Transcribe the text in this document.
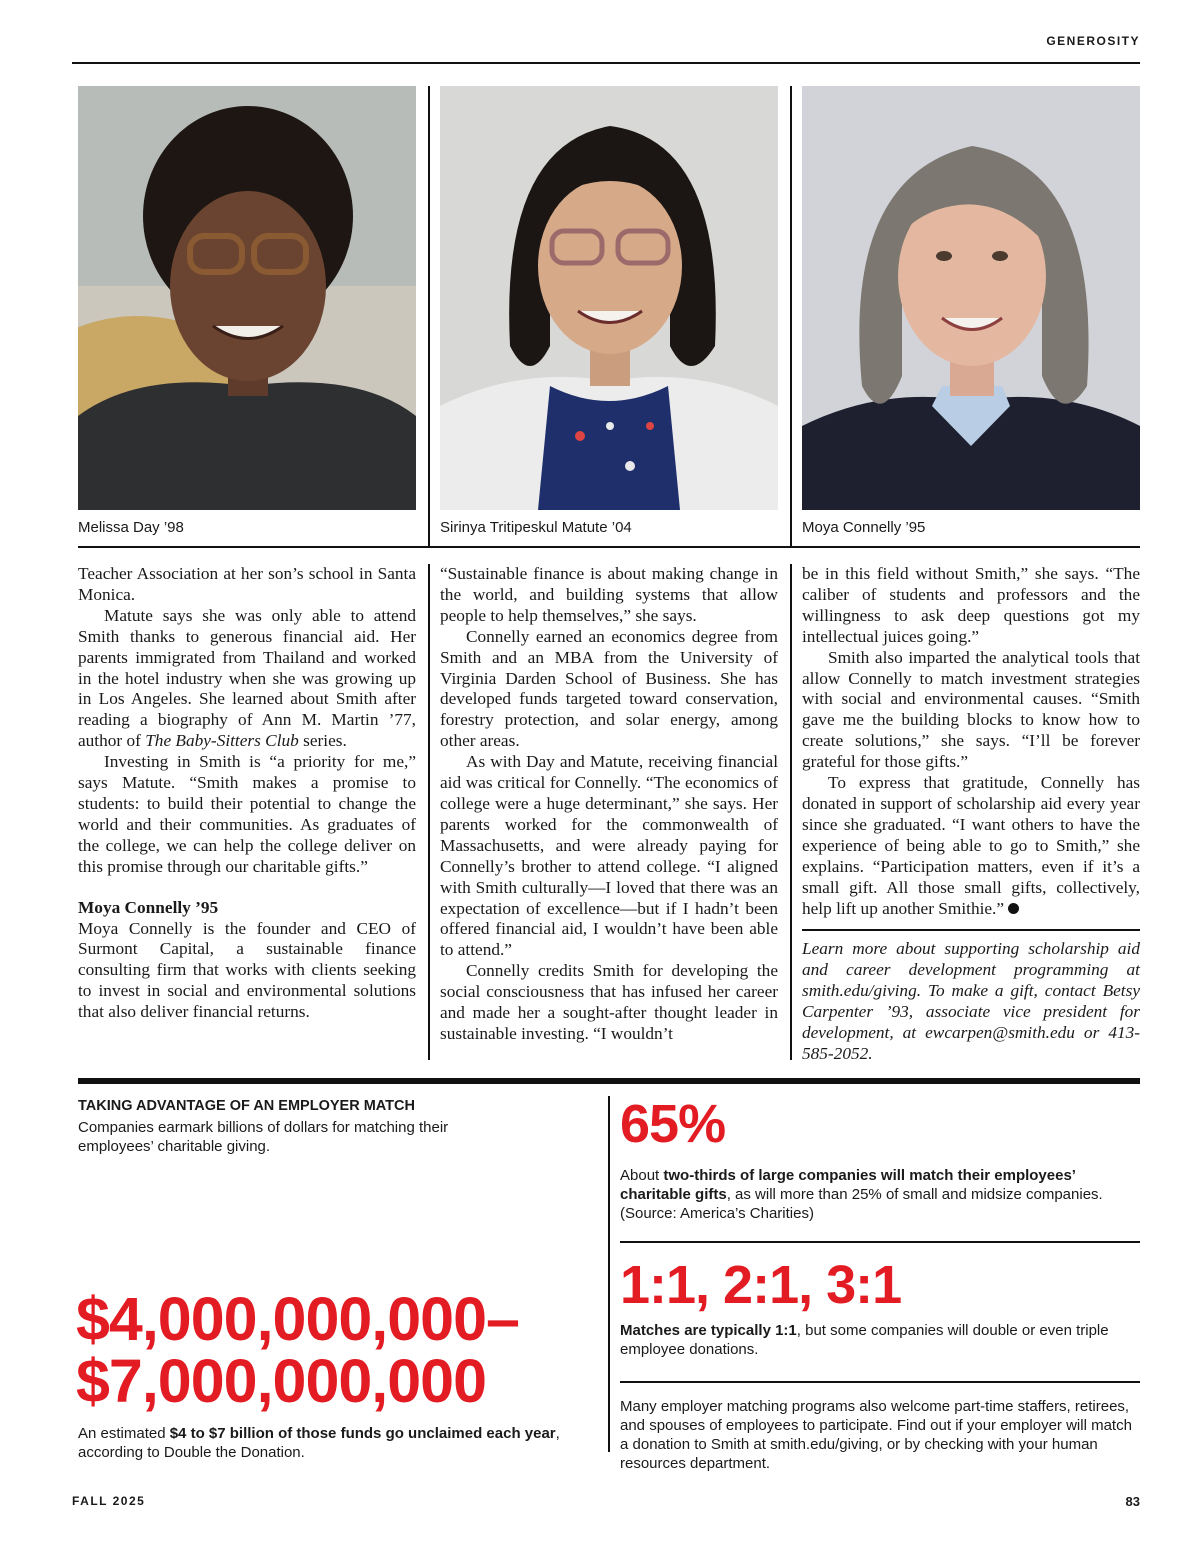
GENEROSITY
Melissa Day ’98	Sirinya Tritipeskul Matute ’04	Moya Connelly ’95

Teacher Association at her son’s school in Santa Monica.

Matute says she was only able to attend Smith thanks to generous financial aid. Her parents immigrated from Thailand and worked in the hotel industry when she was growing up in Los Angeles. She learned about Smith after reading a biography of Ann M. Martin ’77, author of The Baby-Sitters Club series.

Investing in Smith is “a priority for me,” says Matute. “Smith makes a promise to students: to build their potential to change the world and their communities. As graduates of the college, we can help the college deliver on this promise through our charitable gifts.”

Moya Connelly ’95

Moya Connelly is the founder and CEO of Surmont Capital, a sustainable finance consulting firm that works with clients seeking to invest in social and environmental solutions that also deliver financial returns.

“Sustainable finance is about making change in the world, and building systems that allow people to help themselves,” she says.

Connelly earned an economics degree from Smith and an MBA from the University of Virginia Darden School of Business. She has developed funds targeted toward conservation, forestry protection, and solar energy, among other areas.

As with Day and Matute, receiving financial aid was critical for Connelly. “The economics of college were a huge determinant,” she says. Her parents worked for the commonwealth of Massachusetts, and were already paying for Connelly’s brother to attend college. “I aligned with Smith culturally—I loved that there was an expectation of excellence—but if I hadn’t been offered financial aid, I wouldn’t have been able to attend.”

Connelly credits Smith for developing the social consciousness that has infused her career and made her a sought-after thought leader in sustainable investing. “I wouldn’t

be in this field without Smith,” she says. “The caliber of students and professors and the willingness to ask deep questions got my intellectual juices going.”

Smith also imparted the analytical tools that allow Connelly to match investment strategies with social and environmental causes. “Smith gave me the building blocks to know how to create solutions,” she says. “I’ll be forever grateful for those gifts.”

To express that gratitude, Connelly has donated in support of scholarship aid every year since she graduated. “I want others to have the experience of being able to go to Smith,” she explains. “Participation matters, even if it’s a small gift. All those small gifts, collectively, help lift up another Smithie.”

Learn more about supporting scholarship aid and career development programming at smith.edu/giving. To make a gift, contact Betsy Carpenter ’93, associate vice president for development, at ewcarpen@smith.edu or 413-585-2052.

TAKING ADVANTAGE OF AN EMPLOYER MATCH
Companies earmark billions of dollars for matching their employees’ charitable giving.
$4,000,000,000–
$7,000,000,000
An estimated $4 to $7 billion of those funds go unclaimed each year, according to Double the Donation.
65%
About two-thirds of large companies will match their employees’ charitable gifts, as will more than 25% of small and midsize companies. (Source: America’s Charities)
1:1, 2:1, 3:1
Matches are typically 1:1, but some companies will double or even triple employee donations.
Many employer matching programs also welcome part-time staffers, retirees, and spouses of employees to participate. Find out if your employer will match a donation to Smith at smith.edu/giving, or by checking with your human resources department.
FALL 2025	83
